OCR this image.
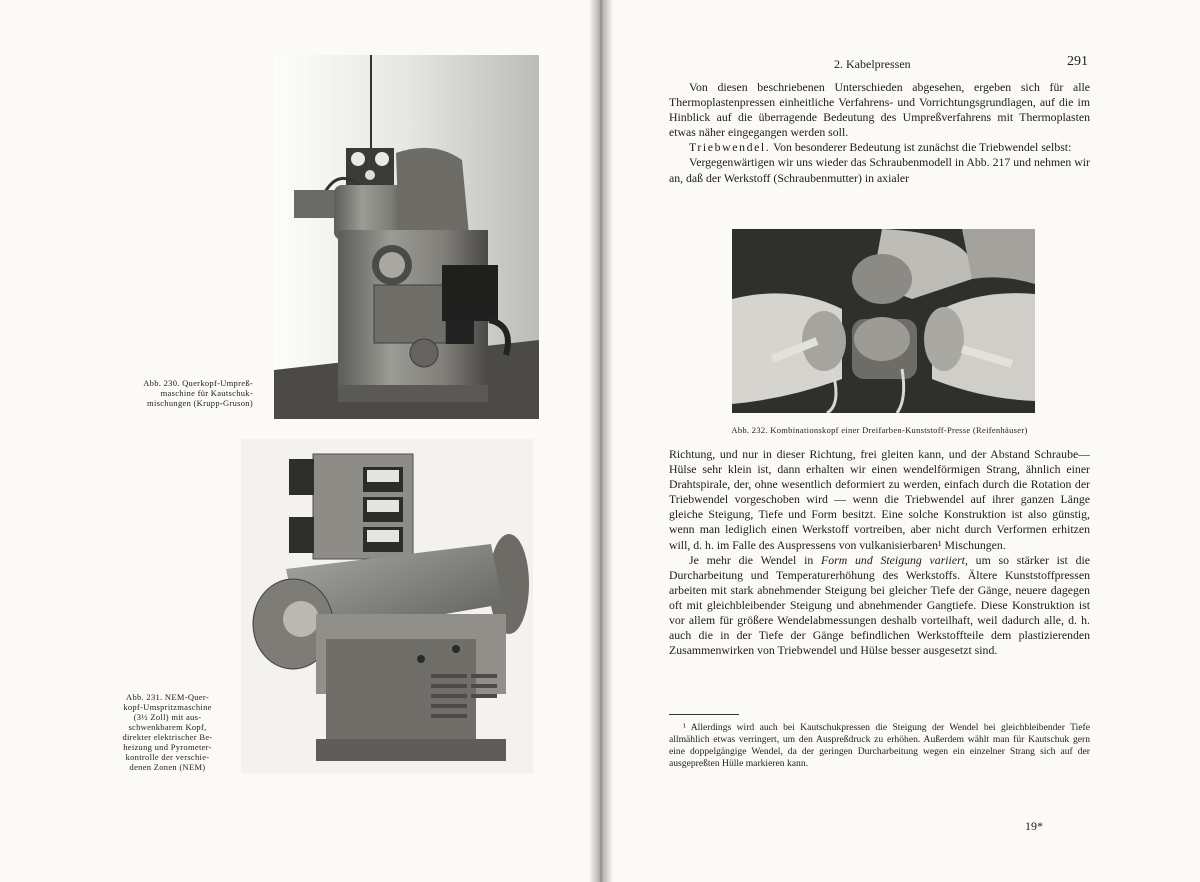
Abb. 230. Querkopf-Umpreß-
maschine für Kautschuk-
mischungen (Krupp-Gruson)
Abb. 231. NEM-Quer-
kopf-Umspritzmaschine
(3½ Zoll) mit aus-
schwenkbarem Kopf,
direkter elektrischer Be-
heizung und Pyrometer-
kontrolle der verschie-
denen Zonen (NEM)
2. Kabelpressen	291

Von diesen beschriebenen Unterschieden abgesehen, ergeben sich für alle Thermoplastenpressen einheitliche Verfahrens- und Vorrichtungsgrundlagen, auf die im Hinblick auf die überragende Bedeutung des Umpreßverfahrens mit Thermoplasten etwas näher eingegangen werden soll.

Triebwendel. Von besonderer Bedeutung ist zunächst die Triebwendel selbst:

Vergegenwärtigen wir uns wieder das Schraubenmodell in Abb. 217 und nehmen wir an, daß der Werkstoff (Schraubenmutter) in axialer

Abb. 232. Kombinationskopf einer Dreifarben-Kunststoff-Presse (Reifenhäuser)

Richtung, und nur in dieser Richtung, frei gleiten kann, und der Abstand Schraube—Hülse sehr klein ist, dann erhalten wir einen wendelförmigen Strang, ähnlich einer Drahtspirale, der, ohne wesentlich deformiert zu werden, einfach durch die Rotation der Triebwendel vorgeschoben wird — wenn die Triebwendel auf ihrer ganzen Länge gleiche Steigung, Tiefe und Form besitzt. Eine solche Konstruktion ist also günstig, wenn man lediglich einen Werkstoff vortreiben, aber nicht durch Verformen erhitzen will, d. h. im Falle des Auspressens von vulkanisierbaren¹ Mischungen.

Je mehr die Wendel in Form und Steigung variiert, um so stärker ist die Durcharbeitung und Temperaturerhöhung des Werkstoffs. Ältere Kunststoffpressen arbeiten mit stark abnehmender Steigung bei gleicher Tiefe der Gänge, neuere dagegen oft mit gleichbleibender Steigung und abnehmender Gangtiefe. Diese Konstruktion ist vor allem für größere Wendelabmessungen deshalb vorteilhaft, weil dadurch alle, d. h. auch die in der Tiefe der Gänge befindlichen Werkstoffteile dem plastizierenden Zusammenwirken von Triebwendel und Hülse besser ausgesetzt sind.

¹ Allerdings wird auch bei Kautschukpressen die Steigung der Wendel bei gleichbleibender Tiefe allmählich etwas verringert, um den Auspreßdruck zu erhöhen. Außerdem wählt man für Kautschuk gern eine doppelgängige Wendel, da der geringen Durcharbeitung wegen ein einzelner Strang sich auf der ausgepreßten Hülle markieren kann.

19*
